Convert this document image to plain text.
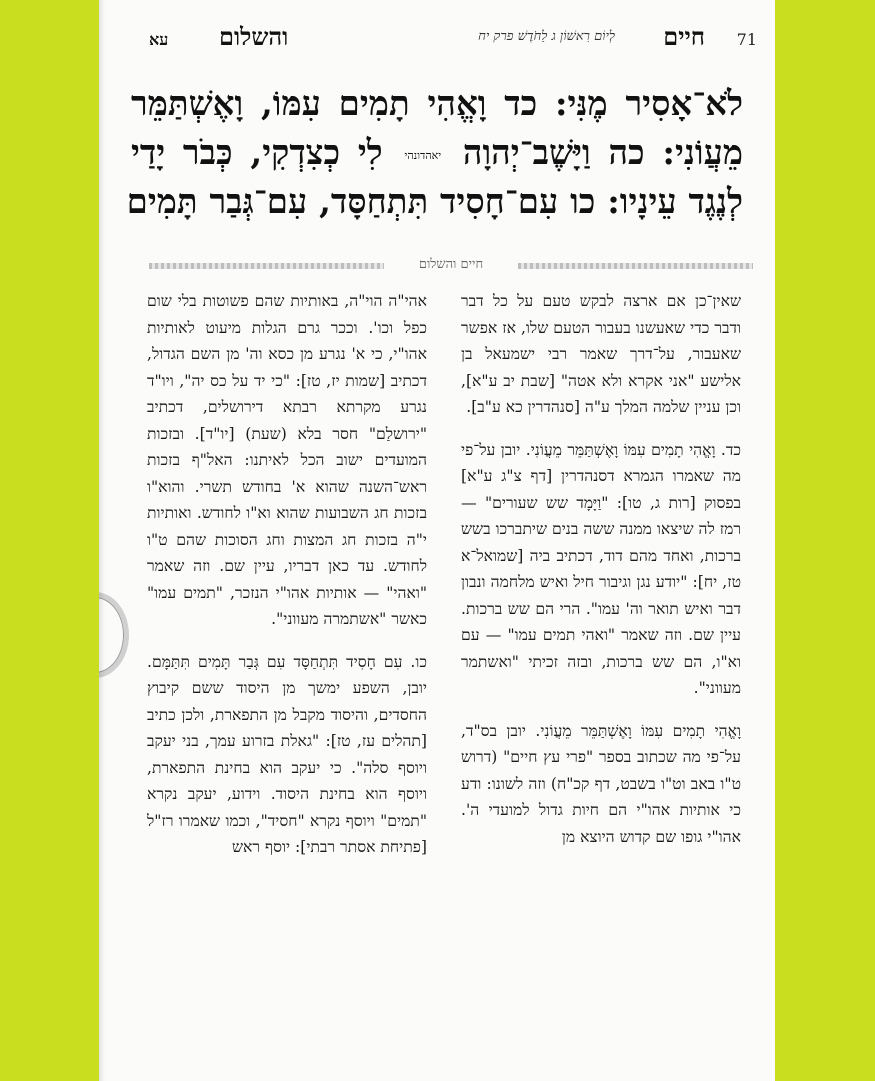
71
חיים
לְיוֹם רִאשׁוֹן ג לַחֹדֶשׁ פרק יח
והשלום
עא
לֹא־אָסִיר מֶנִּי: כד וָאֱהִי תָמִים עִמּוֹ, וָאֶשְׁתַּמֵּר
מֵעֲוֹנִי: כה וַיָּשֶׁב־יְהוָה יאהדונהי לִי כְצִדְקִי, כְּבֹר יָדַי
לְנֶגֶד עֵינָיו: כו עִם־חָסִיד תִּתְחַסָּד, עִם־גְּבַר תָּמִים
חיים והשלום

שאין־כן אם ארצה לבקש טעם על כל דבר ודבר כדי שאעשנו בעבור הטעם שלו, אז אפשר שאעבור, על־דרך שאמר רבי ישמעאל בן אלישע "אני אקרא ולא אטה" [שבת יב ע"א], וכן עניין שלמה המלך ע"ה [סנהדרין כא ע"ב].

כד. וָאֱהִי תָמִים עִמּוֹ וָאֶשְׁתַּמֵּר מֵעֲוֹנִי. יובן על־פי מה שאמרו הגמרא דסנהדרין [דף צ"ג ע"א] בפסוק [רות ג, טו]: "וַיָּמָד שש שעורים" — רמז לה שיצאו ממנה ששה בנים שיתברכו בשש ברכות, ואחד מהם דוד, דכתיב ביה [שמואל־א טז, יח]: "יודע נגן וגיבור חיל ואיש מלחמה ונבון דבר ואיש תואר וה' עמו". הרי הם שש ברכות. עיין שם. וזה שאמר "ואהי תמים עמו" — עם וא"ו, הם שש ברכות, ובזה זכיתי "ואשתמר מעווני".

וָאֱהִי תָמִים עִמּוֹ וָאֶשְׁתַּמֵּר מֵעֲוֹנִי. יובן בס"ד, על־פי מה שכתוב בספר "פרי עץ חיים" (דרוש ט"ו באב וט"ו בשבט, דף קכ"ח) וזה לשונו: ודע כי אותיות אהו"י הם חיות גדול למועדי ה'. אהו"י גופו שם קדוש היוצא מן

אהי"ה הוי"ה, באותיות שהם פשוטות בלי שום כפל וכו'. וככר גרם הגלות מיעוט לאותיות אהו"י, כי א' נגרע מן כסא וה' מן השם הגדול, דכתיב [שמות יז, טז]: "כי יד על כס יה", ויו"ד נגרע מקרתא רבתא דירושלים, דכתיב "ירושלַם" חסר בלא (שעת) [יו"ד]. ובזכות המועדים ישוב הכל לאיתנו: האל"ף בזכות ראש־השנה שהוא א' בחודש תשרי. והוא"ו בזכות חג השבועות שהוא וא"ו לחודש. ואותיות י"ה בזכות חג המצות וחג הסוכות שהם ט"ו לחודש. עד כאן דבריו, עיין שם. וזה שאמר "ואהי" — אותיות אהו"י הנזכר, "תמים עמו" כאשר "אשתמרה מעווני".

כו. עִם חָסִיד תִּתְחַסָּד עִם גְּבַר תָּמִים תִּתַּמָּם. יובן, השפע ימשך מן היסוד ששם קיבוץ החסדים, והיסוד מקבל מן התפארת, ולכן כתיב [תהלים עז, טז]: "גאלת בזרוע עמך, בני יעקב ויוסף סלה". כי יעקב הוא בחינת התפארת, ויוסף הוא בחינת היסוד. וידוע, יעקב נקרא "תמים" ויוסף נקרא "חסיד", וכמו שאמרו רז"ל [פתיחת אסתר רבתי]: יוסף ראש
